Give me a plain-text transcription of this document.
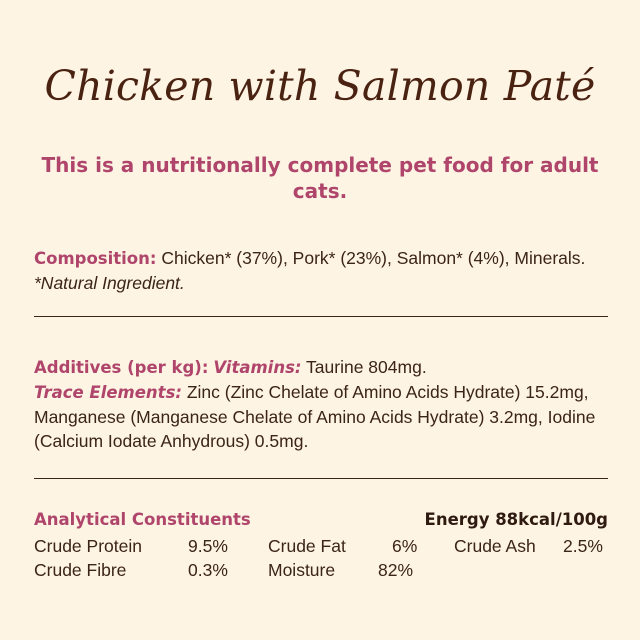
Chicken with Salmon Paté
This is a nutritionally complete pet food for adult cats.
Composition: Chicken* (37%), Pork* (23%), Salmon* (4%), Minerals. *Natural Ingredient.
Additives (per kg): Vitamins: Taurine 804mg.
Trace Elements: Zinc (Zinc Chelate of Amino Acids Hydrate) 15.2mg, Manganese (Manganese Chelate of Amino Acids Hydrate) 3.2mg, Iodine (Calcium Iodate Anhydrous) 0.5mg.
Analytical Constituents	Energy 88kcal/100g
Crude Protein	9.5% Crude Fat	6% Crude Ash 2.5%
Crude Fibre	0.3% Moisture 82%
